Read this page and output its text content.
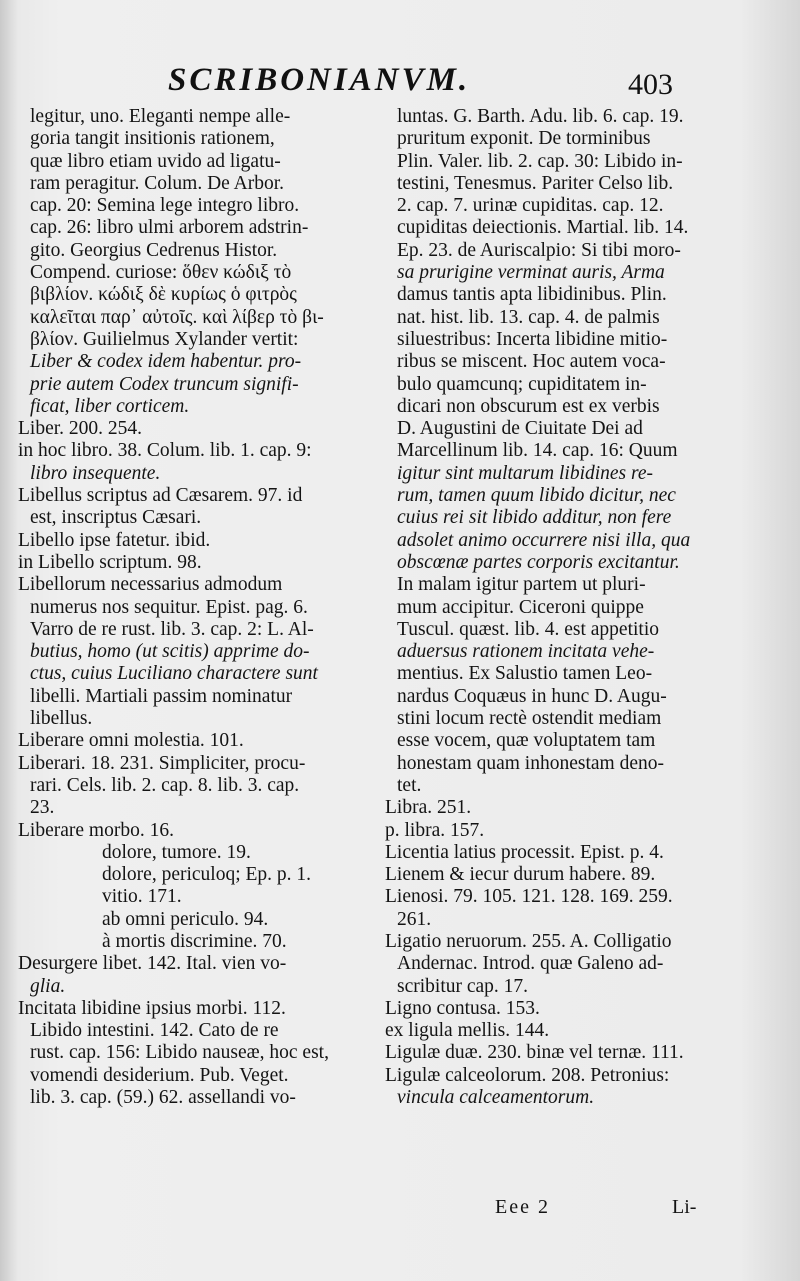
SCRIBONIANVM.	403
legitur, uno. Eleganti nempe alle-
goria tangit insitionis rationem,
quæ libro etiam uvido ad ligatu-
ram peragitur. Colum. De Arbor.
cap. 20: Semina lege integro libro.
cap. 26: libro ulmi arborem adstrin-
gito. Georgius Cedrenus Histor.
Compend. curiose: ὅθεν κώδιξ τὸ
βιβλίον. κώδιξ δὲ κυρίως ὁ φιτρὸς
καλεῖται παρ᾽ αὐτοῖς. καὶ λίβερ τὸ βι-
βλίον. Guilielmus Xylander vertit:
Liber & codex idem habentur. pro-
prie autem Codex truncum signifi-
ficat, liber corticem.
Liber. 200. 254.
in hoc libro. 38. Colum. lib. 1. cap. 9:
libro insequente.
Libellus scriptus ad Cæsarem. 97. id
est, inscriptus Cæsari.
Libello ipse fatetur. ibid.
in Libello scriptum. 98.
Libellorum necessarius admodum
numerus nos sequitur. Epist. pag. 6.
Varro de re rust. lib. 3. cap. 2: L. Al-
butius, homo (ut scitis) apprime do-
ctus, cuius Luciliano charactere sunt
libelli. Martiali passim nominatur
libellus.
Liberare omni molestia. 101.
Liberari. 18. 231. Simpliciter, procu-
rari. Cels. lib. 2. cap. 8. lib. 3. cap.
23.
Liberare morbo. 16.
dolore, tumore. 19.
dolore, periculoq; Ep. p. 1.
vitio. 171.
ab omni periculo. 94.
à mortis discrimine. 70.
Desurgere libet. 142. Ital. vien vo-
glia.
Incitata libidine ipsius morbi. 112.
Libido intestini. 142. Cato de re
rust. cap. 156: Libido nauseæ, hoc est,
vomendi desiderium. Pub. Veget.
lib. 3. cap. (59.) 62. assellandi vo-
luntas. G. Barth. Adu. lib. 6. cap. 19.
pruritum exponit. De torminibus
Plin. Valer. lib. 2. cap. 30: Libido in-
testini, Tenesmus. Pariter Celso lib.
2. cap. 7. urinæ cupiditas. cap. 12.
cupiditas deiectionis. Martial. lib. 14.
Ep. 23. de Auriscalpio: Si tibi moro-
sa prurigine verminat auris, Arma
damus tantis apta libidinibus. Plin.
nat. hist. lib. 13. cap. 4. de palmis
siluestribus: Incerta libidine mitio-
ribus se miscent. Hoc autem voca-
bulo quamcunq; cupiditatem in-
dicari non obscurum est ex verbis
D. Augustini de Ciuitate Dei ad
Marcellinum lib. 14. cap. 16: Quum
igitur sint multarum libidines re-
rum, tamen quum libido dicitur, nec
cuius rei sit libido additur, non fere
adsolet animo occurrere nisi illa, qua
obscœnæ partes corporis excitantur.
In malam igitur partem ut pluri-
mum accipitur. Ciceroni quippe
Tuscul. quæst. lib. 4. est appetitio
aduersus rationem incitata vehe-
mentius. Ex Salustio tamen Leo-
nardus Coquæus in hunc D. Augu-
stini locum rectè ostendit mediam
esse vocem, quæ voluptatem tam
honestam quam inhonestam deno-
tet.
Libra. 251.
p. libra. 157.
Licentia latius processit. Epist. p. 4.
Lienem & iecur durum habere. 89.
Lienosi. 79. 105. 121. 128. 169. 259.
261.
Ligatio neruorum. 255. A. Colligatio
Andernac. Introd. quæ Galeno ad-
scribitur cap. 17.
Ligno contusa. 153.
ex ligula mellis. 144.
Ligulæ duæ. 230. binæ vel ternæ. 111.
Ligulæ calceolorum. 208. Petronius:
vincula calceamentorum.
Eee 2	Li-
